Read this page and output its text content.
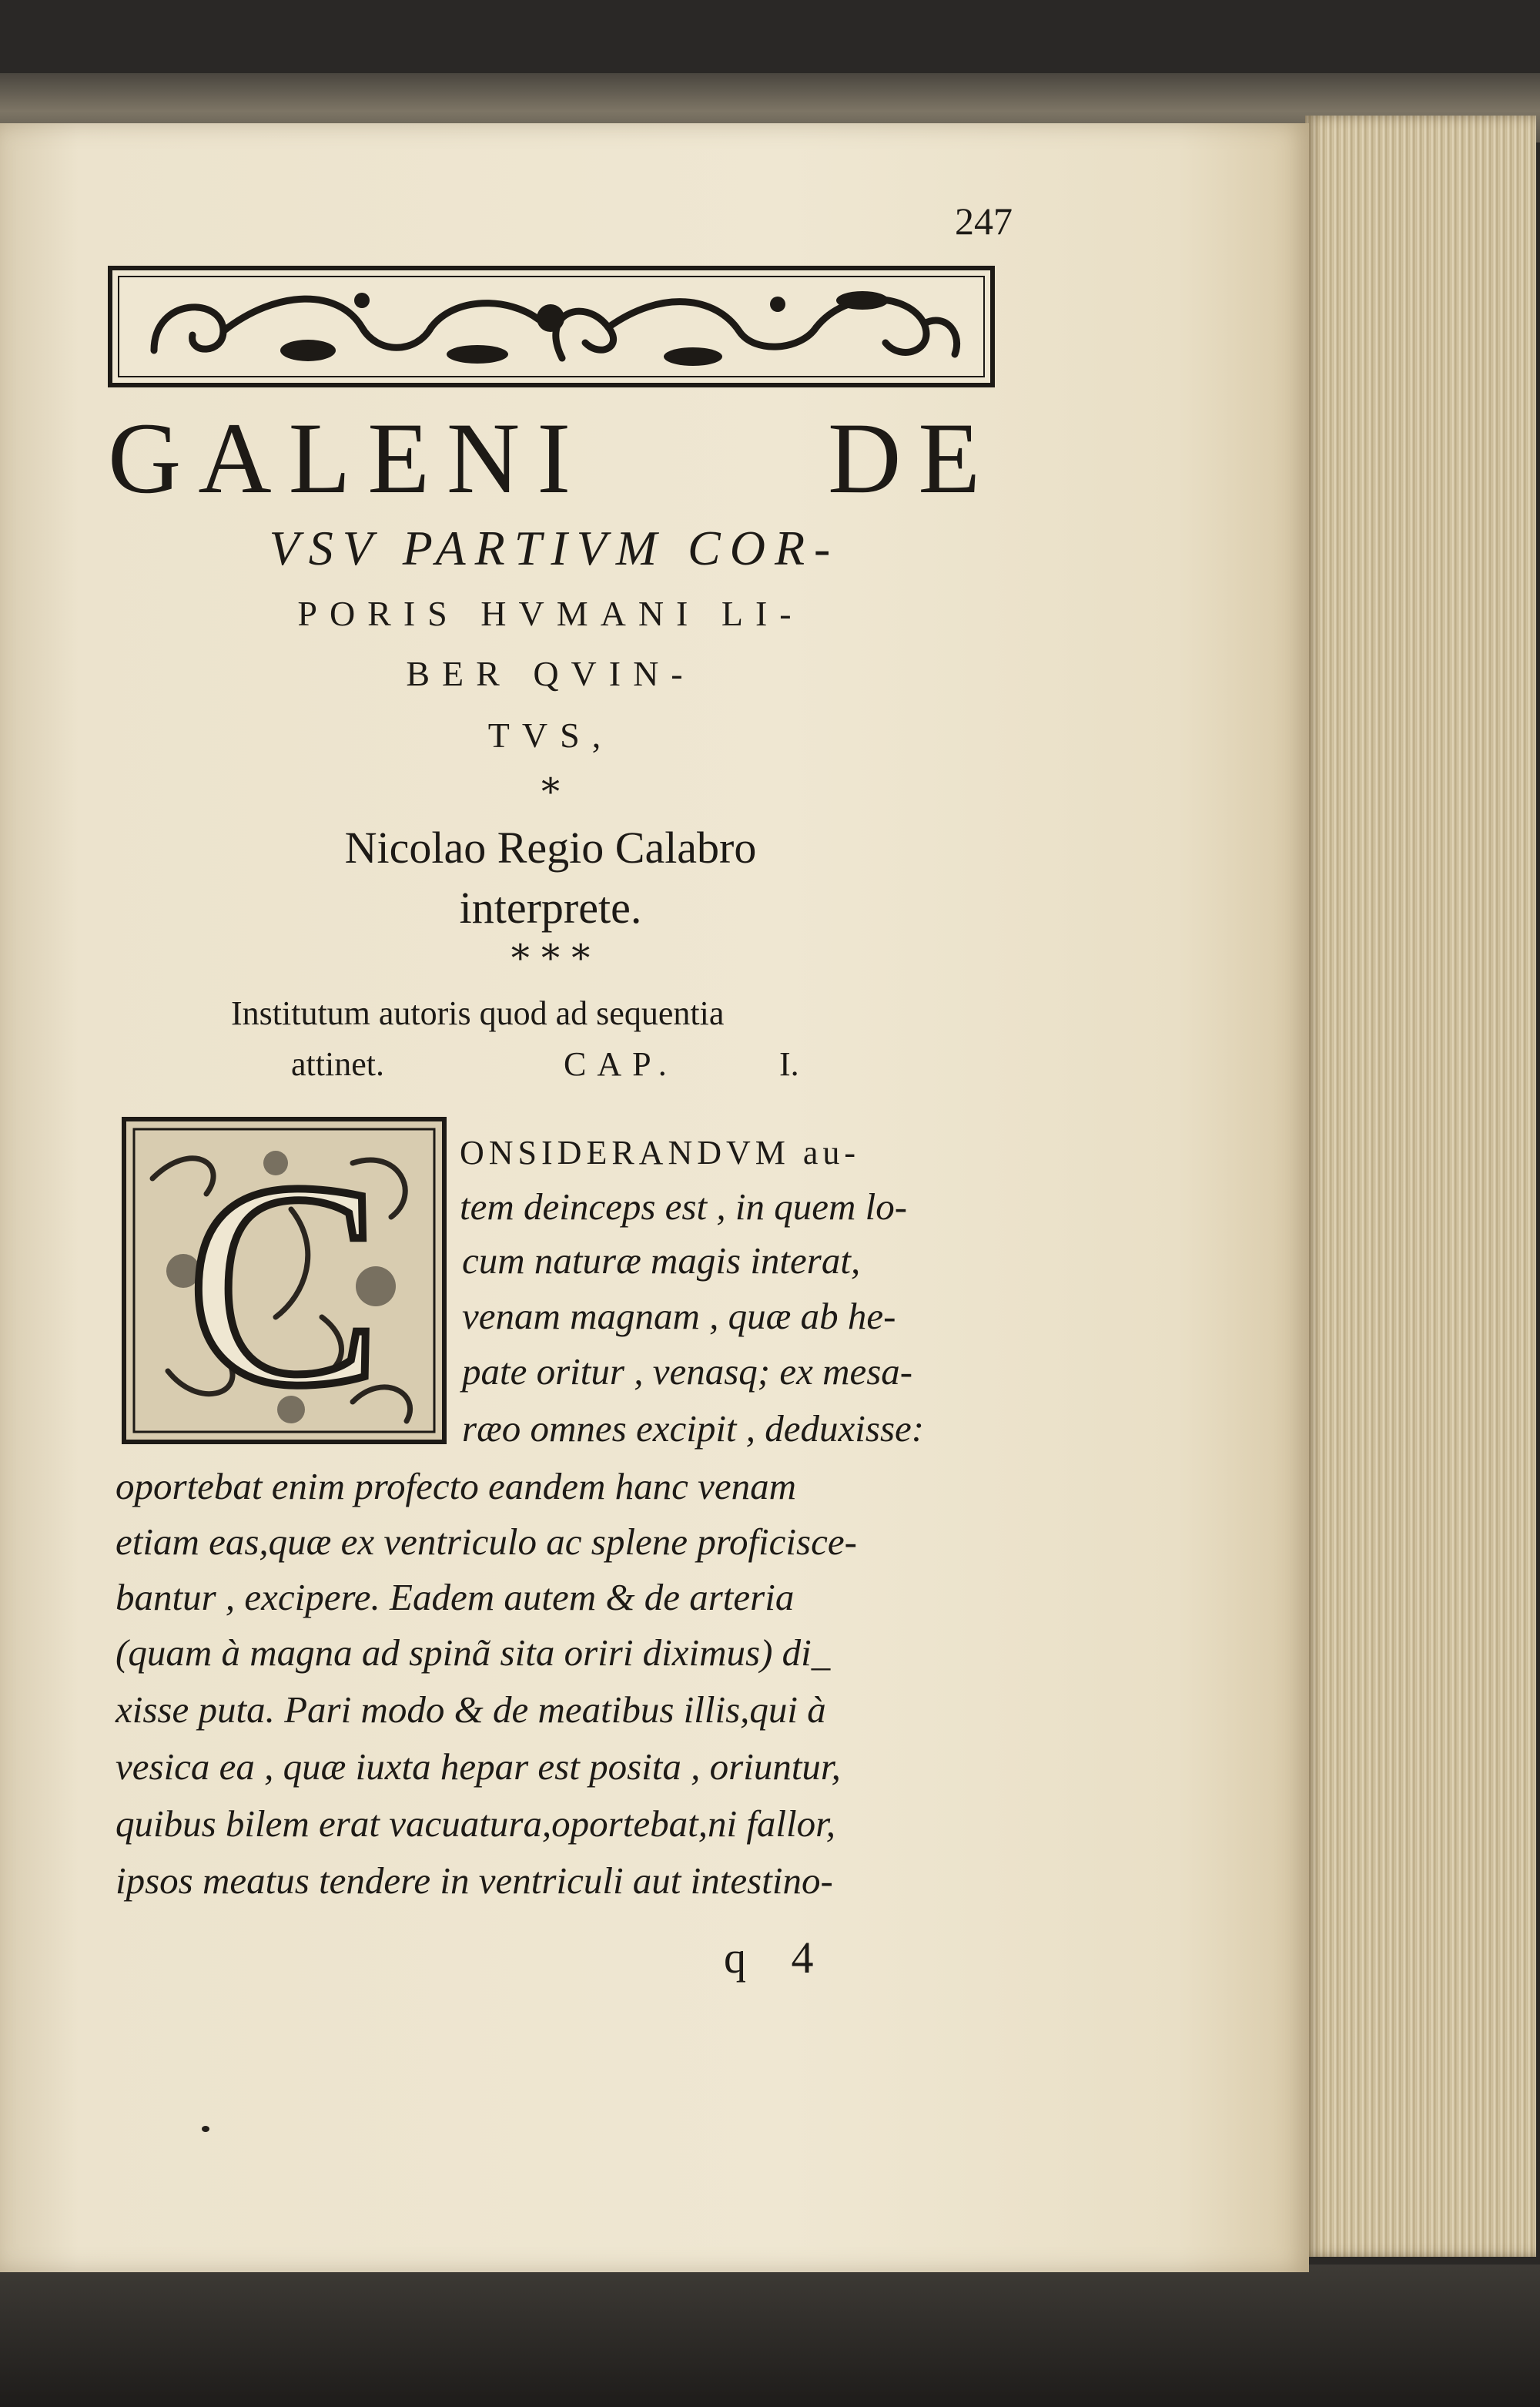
247
GALENI DE
VSV PARTIVM COR-
PORIS HVMANI LI-
BER QVIN-
TVS,
*
Nicolao Regio Calabro
interprete.
* * *
Institutum autoris quod ad sequentia
attinet.	CAP.	I.
C ONSIDERANDVM au-
tem deinceps est , in quem lo-
cum naturæ magis interat,
venam magnam , quæ ab he-
pate oritur , venasq; ex mesa-
ræo omnes excipit , deduxisse:
oportebat enim profecto eandem hanc venam
etiam eas,quæ ex ventriculo ac splene proficisce-
bantur , excipere. Eadem autem & de arteria
(quam à magna ad spinã sita oriri diximus) di_
xisse puta. Pari modo & de meatibus illis,qui à
vesica ea , quæ iuxta hepar est posita , oriuntur,
quibus bilem erat vacuatura,oportebat,ni fallor,
ipsos meatus tendere in ventriculi aut intestino-
q 4
